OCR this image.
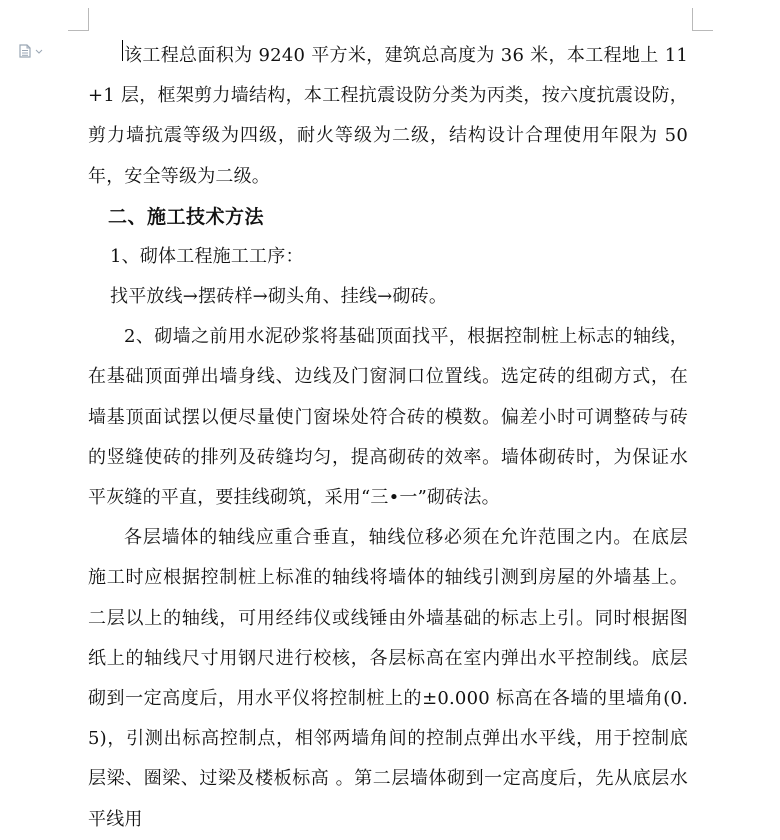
该工程总面积为 9240 平方米，建筑总高度为 36 米，本工程地上 11+1 层，框架剪力墙结构，本工程抗震设防分类为丙类，按六度抗震设防，剪力墙抗震等级为四级，耐火等级为二级，结构设计合理使用年限为 50 年，安全等级为二级。

二、施工技术方法

1、砌体工程施工工序：

找平放线→摆砖样→砌头角、挂线→砌砖。

2、砌墙之前用水泥砂浆将基础顶面找平，根据控制桩上标志的轴线，在基础顶面弹出墙身线、边线及门窗洞口位置线。选定砖的组砌方式，在墙基顶面试摆以便尽量使门窗垛处符合砖的模数。偏差小时可调整砖与砖的竖缝使砖的排列及砖缝均匀，提高砌砖的效率。墙体砌砖时，为保证水平灰缝的平直，要挂线砌筑，采用“三•一”砌砖法。

各层墙体的轴线应重合垂直，轴线位移必须在允许范围之内。在底层施工时应根据控制桩上标准的轴线将墙体的轴线引测到房屋的外墙基上。二层以上的轴线，可用经纬仪或线锤由外墙基础的标志上引。同时根据图纸上的轴线尺寸用钢尺进行校核，各层标高在室内弹出水平控制线。底层砌到一定高度后，用水平仪将控制桩上的±0.000 标高在各墙的里墙角(0.5)，引测出标高控制点，相邻两墙角间的控制点弹出水平线，用于控制底层梁、圈梁、过梁及楼板标高 。第二层墙体砌到一定高度后，先从底层水平线用
